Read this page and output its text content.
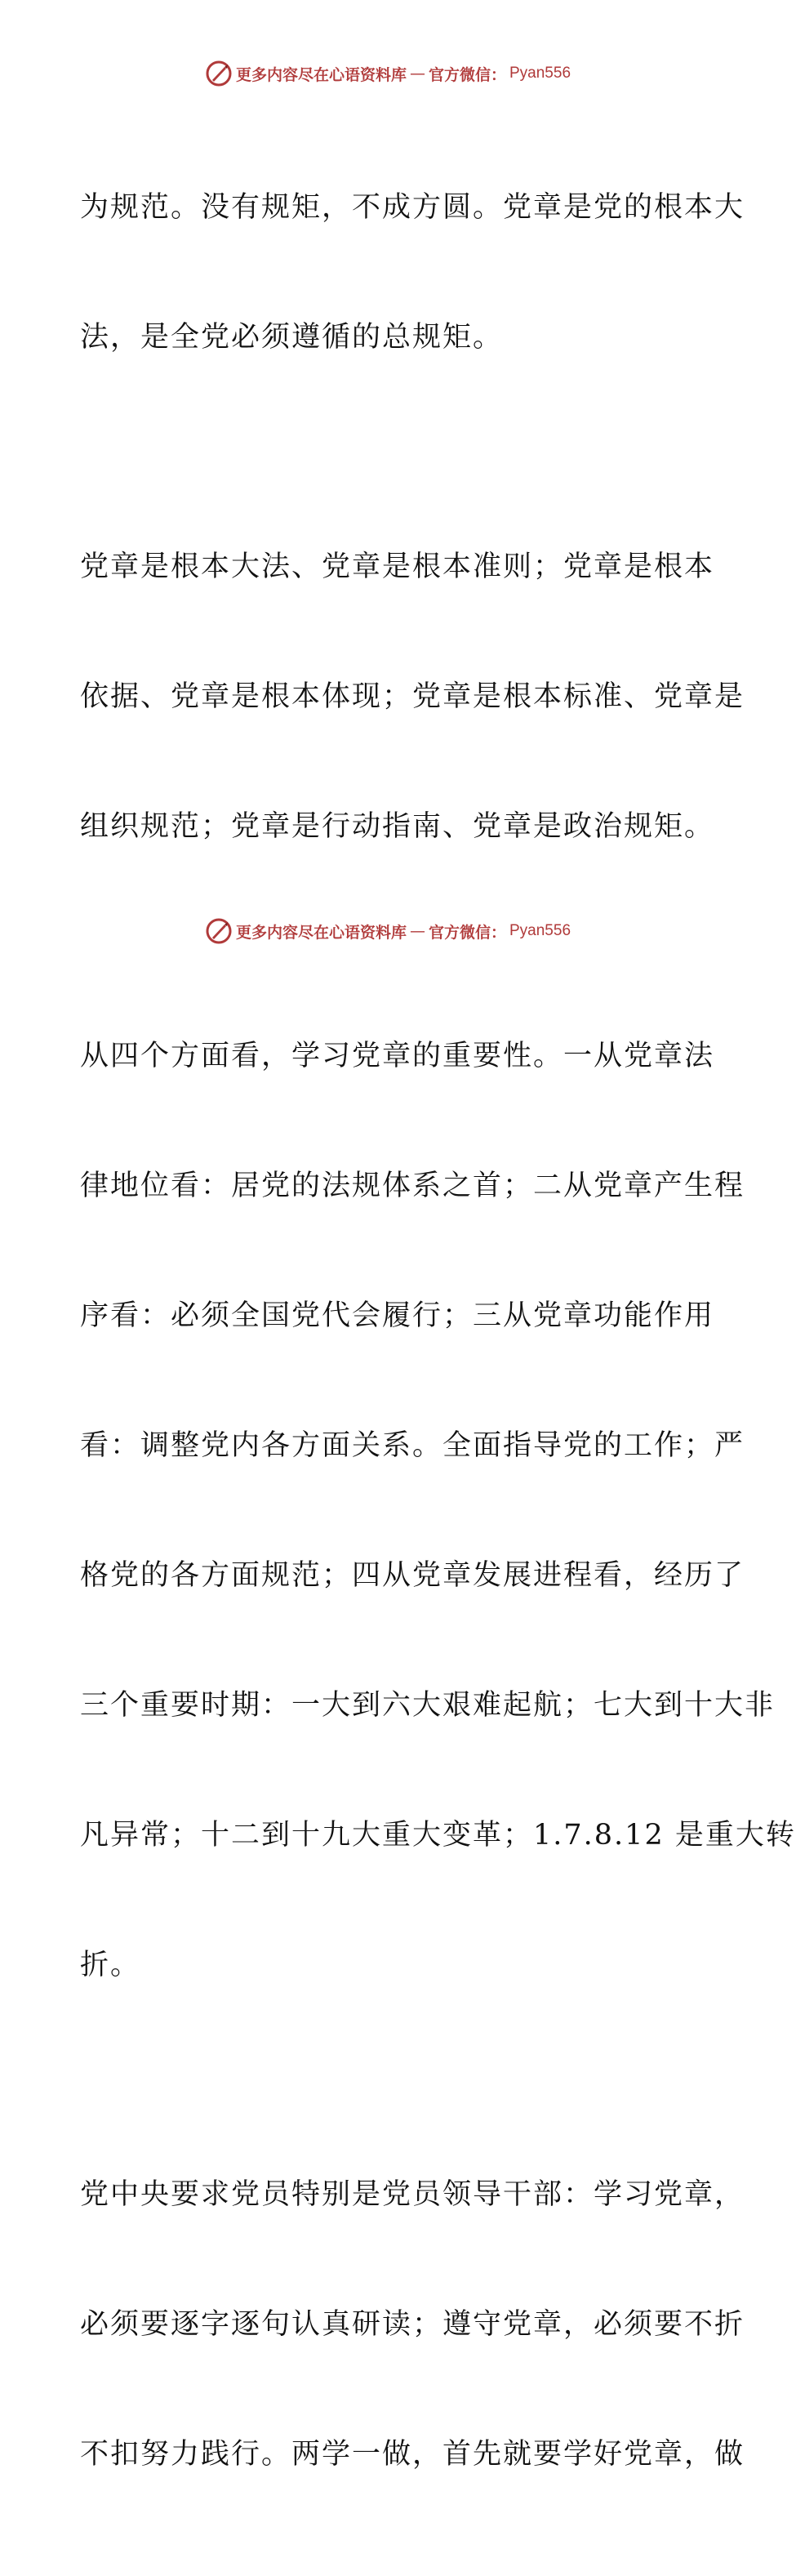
更多内容尽在心语资料库 — 官方微信： Pyan556

为规范。没有规矩，不成方圆。党章是党的根本大

法，是全党必须遵循的总规矩。

党章是根本大法、党章是根本准则；党章是根本

依据、党章是根本体现；党章是根本标准、党章是

组织规范；党章是行动指南、党章是政治规矩。

从四个方面看，学习党章的重要性。一从党章法

律地位看：居党的法规体系之首；二从党章产生程

序看：必须全国党代会履行；三从党章功能作用

看：调整党内各方面关系。全面指导党的工作；严

格党的各方面规范；四从党章发展进程看，经历了

三个重要时期：一大到六大艰难起航；七大到十大非

凡异常；十二到十九大重大变革；1.7.8.12 是重大转

折。

党中央要求党员特别是党员领导干部：学习党章，

必须要逐字逐句认真研读；遵守党章，必须要不折

不扣努力践行。两学一做，首先就要学好党章，做

更多内容尽在心语资料库 — 官方微信： Pyan556
